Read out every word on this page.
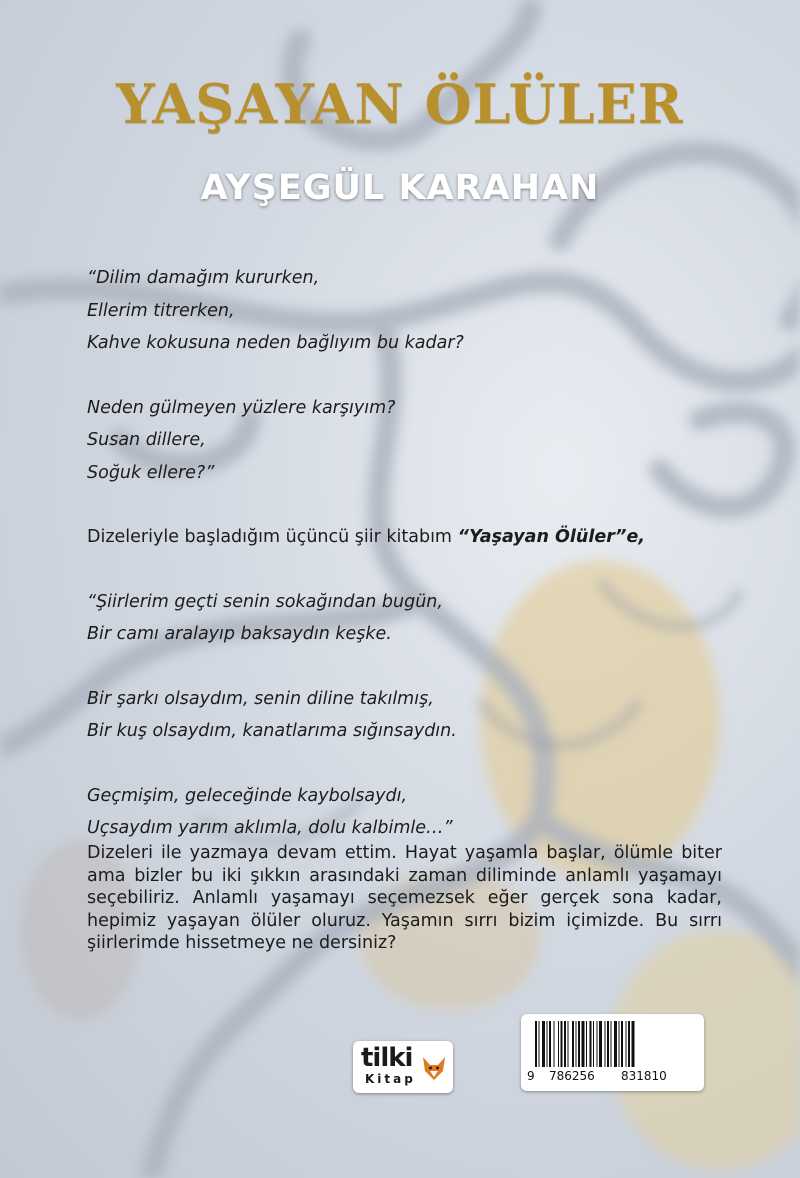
YAŞAYAN ÖLÜLER
AYŞEGÜL KARAHAN
“Dilim damağım kururken,
Ellerim titrerken,
Kahve kokusuna neden bağlıyım bu kadar?
Neden gülmeyen yüzlere karşıyım?
Susan dillere,
Soğuk ellere?”
Dizeleriyle başladığım üçüncü şiir kitabım “Yaşayan Ölüler”e,
“Şiirlerim geçti senin sokağından bugün,
Bir camı aralayıp baksaydın keşke.
Bir şarkı olsaydım, senin diline takılmış,
Bir kuş olsaydım, kanatlarıma sığınsaydın.
Geçmişim, geleceğinde kaybolsaydı,
Uçsaydım yarım aklımla, dolu kalbimle…”
Dizeleri ile yazmaya devam ettim. Hayat yaşamla başlar, ölümle biter ama bizler bu iki şıkkın arasındaki zaman diliminde anlamlı yaşamayı seçebiliriz. Anlamlı yaşamayı seçemezsek eğer gerçek sona kadar, hepimiz yaşayan ölüler oluruz. Yaşamın sırrı bizim içimizde. Bu sırrı şiirlerimde hissetmeye ne dersiniz?
tilki
Kitap	9 786256 831810
